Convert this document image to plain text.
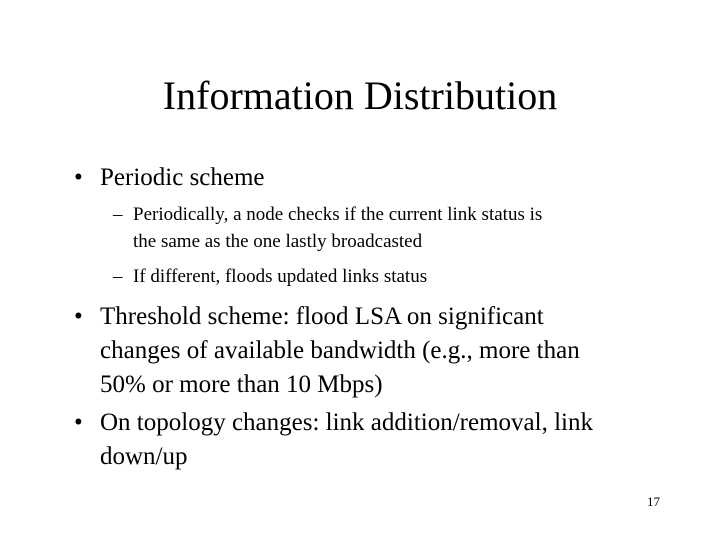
Information Distribution
• Periodic scheme
– Periodically, a node checks if the current link status is
the same as the one lastly broadcasted
– If different, floods updated links status
• Threshold scheme: flood LSA on significant
changes of available bandwidth (e.g., more than
50% or more than 10 Mbps)
• On topology changes: link addition/removal, link
down/up
17
